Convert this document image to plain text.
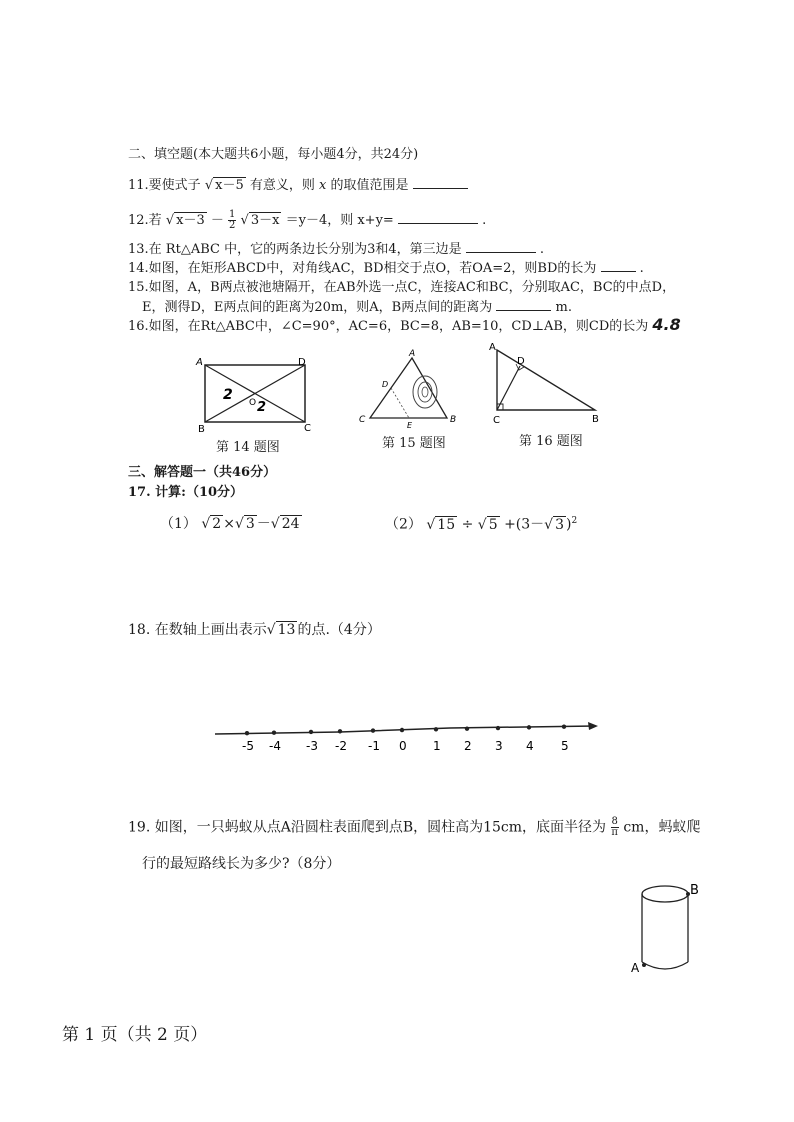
二、填空题(本大题共6小题，每小题4分，共24分)
11.要使式子 √ x－5 有意义，则 x 的取值范围是
12.若 √ $x-3 - \frac{1}{2}$ √ 3－x ＝y－4，则 x+y=	.
13.在 Rt△ABC 中，它的两条边长分别为3和4，第三边是	.
14.如图，在矩形ABCD中，对角线AC，BD相交于点O，若OA=2，则BD的长为	.
15.如图，A，B两点被池塘隔开，在AB外选一点C，连接AC和BC，分别取AC，BC的中点D，
E，测得D，E两点间的距离为20m，则A，B两点间的距离为	m.
16.如图，在Rt△ABC中，∠C=90°，AC=6，BC=8，AB=10，CD⊥AB，则CD的长为 4.8
A	D
B	C
O
2
2
第 14 题图
A
C	B
D
E
第 15 题图
A
D
C	B
第 16 题图
三、解答题一（共46分）
17. 计算:（10分）
（1） √ 2 ×√ 3 －√ 24	（2） √ 15 ÷ √ 5 +(3－√ 3 )$^2$
18. 在数轴上画出表示√ 13 的点.（4分）
-5 -4 -3 -2 -1 0 1 2 3 4 5
19. 如图，一只蚂蚁从点A沿圆柱表面爬到点B，圆柱高为15cm，底面半径为 $\frac{8}{\pi}$ cm，蚂蚁爬
行的最短路线长为多少?（8分）
B
A
第 1 页（共 2 页）
